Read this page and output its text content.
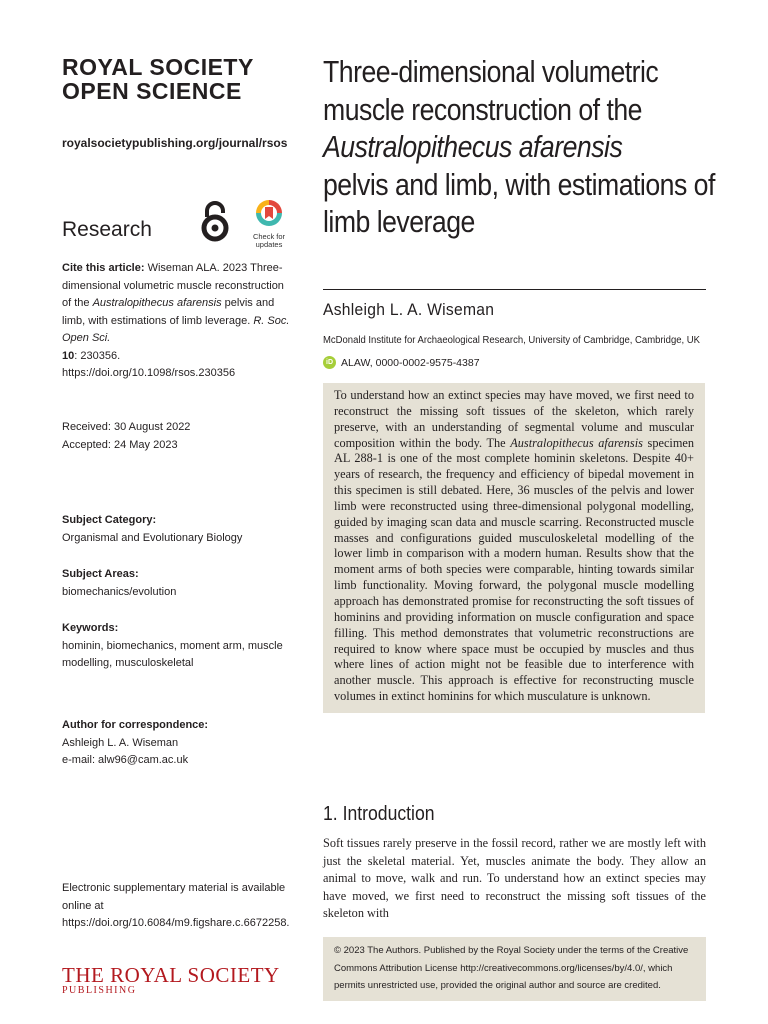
ROYAL SOCIETY
OPEN SCIENCE
royalsocietypublishing.org/journal/rsos
Research	Check for
updates
Cite this article: Wiseman ALA. 2023 Three-dimensional volumetric muscle reconstruction of the Australopithecus afarensis pelvis and limb, with estimations of limb leverage. R. Soc. Open Sci.
10: 230356.
https://doi.org/10.1098/rsos.230356
Received: 30 August 2022
Accepted: 24 May 2023
Subject Category:
Organismal and Evolutionary Biology
Subject Areas:
biomechanics/evolution
Keywords:
hominin, biomechanics, moment arm, muscle modelling, musculoskeletal
Author for correspondence:
Ashleigh L. A. Wiseman
e-mail: alw96@cam.ac.uk
Electronic supplementary material is available online at https://doi.org/10.6084/m9.figshare.c.6672258.
THE ROYAL SOCIETY
PUBLISHING
Three-dimensional volumetric muscle reconstruction of the
Australopithecus afarensis
pelvis and limb, with estimations of limb leverage
Ashleigh L. A. Wiseman
McDonald Institute for Archaeological Research, University of Cambridge, Cambridge, UK
iD ALAW, 0000-0002-9575-4387
To understand how an extinct species may have moved, we first need to reconstruct the missing soft tissues of the skeleton, which rarely preserve, with an understanding of segmental volume and muscular composition within the body. The Australopithecus afarensis specimen AL 288-1 is one of the most complete hominin skeletons. Despite 40+ years of research, the frequency and efficiency of bipedal movement in this specimen is still debated. Here, 36 muscles of the pelvis and lower limb were reconstructed using three-dimensional polygonal modelling, guided by imaging scan data and muscle scarring. Reconstructed muscle masses and configurations guided musculoskeletal modelling of the lower limb in comparison with a modern human. Results show that the moment arms of both species were comparable, hinting towards similar limb functionality. Moving forward, the polygonal muscle modelling approach has demonstrated promise for reconstructing the soft tissues of hominins and providing information on muscle configuration and space filling. This method demonstrates that volumetric reconstructions are required to know where space must be occupied by muscles and thus where lines of action might not be feasible due to interference with another muscle. This approach is effective for reconstructing muscle volumes in extinct hominins for which musculature is unknown.
1. Introduction
Soft tissues rarely preserve in the fossil record, rather we are mostly left with just the skeletal material. Yet, muscles animate the body. They allow an animal to move, walk and run. To understand how an extinct species may have moved, we first need to reconstruct the missing soft tissues of the skeleton with
© 2023 The Authors. Published by the Royal Society under the terms of the Creative Commons Attribution License http://creativecommons.org/licenses/by/4.0/, which permits unrestricted use, provided the original author and source are credited.
